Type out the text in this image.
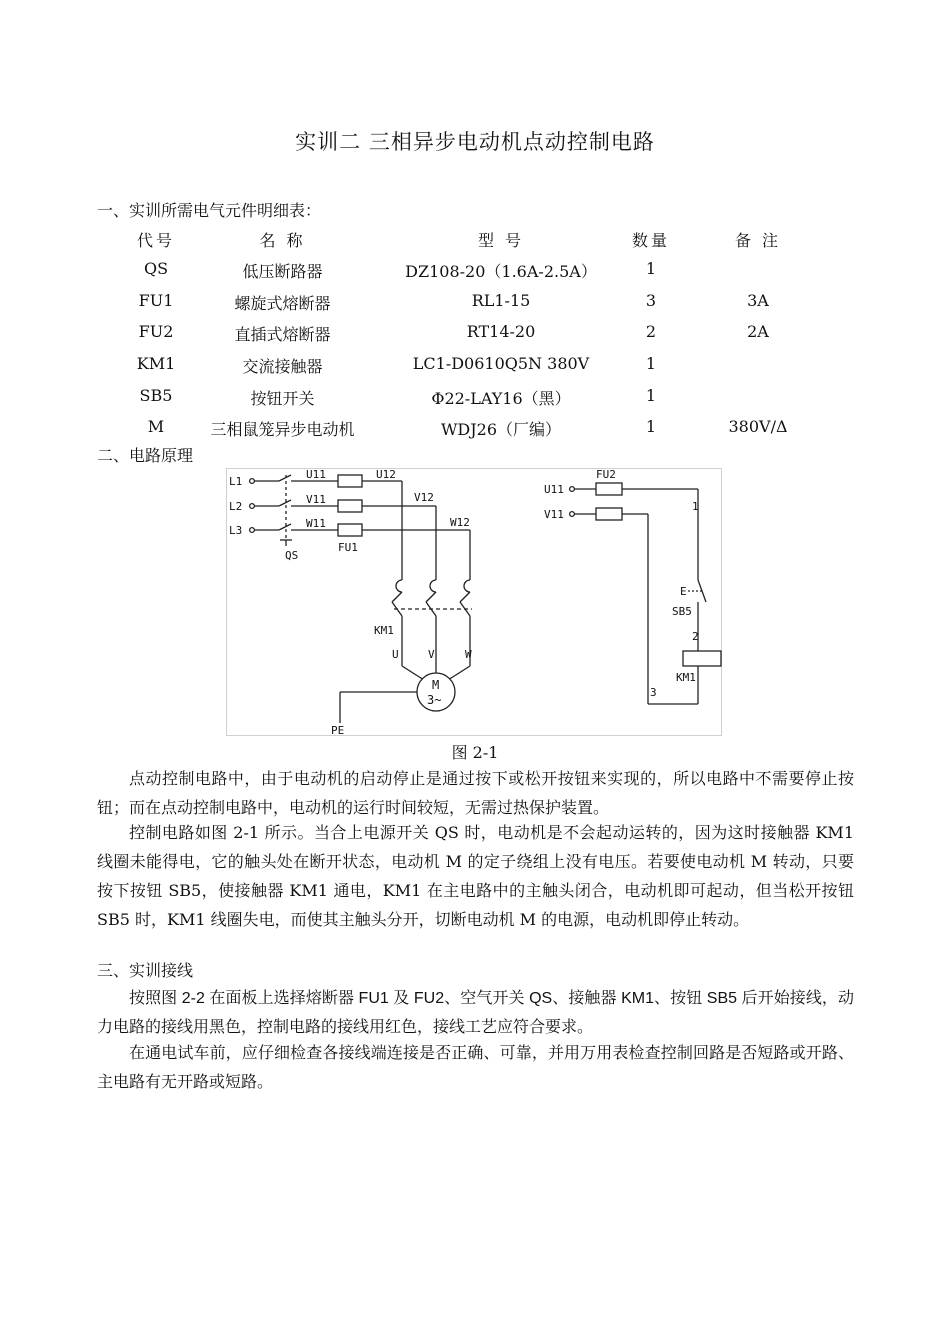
实训二 三相异步电动机点动控制电路
一、实训所需电气元件明细表：
代号	名 称	型 号	数量	备 注
QS	低压断路器	DZ108-20（1.6A-2.5A）	1
FU1	螺旋式熔断器	RL1-15	3	3A
FU2	直插式熔断器	RT14-20	2	2A
KM1	交流接触器	LC1-D0610Q5N 380V	1
SB5	按钮开关	Φ22-LAY16（黑）	1
M	三相鼠笼异步电动机	WDJ26（厂编）	1	380V/Δ
二、电路原理
L1
L2
L3
QS
FU1
U11
V11
W11
U12
V12
W12
KM1
U	V	W
M
3~
PE
FU2
U11
V11
1
E
SB5
2
KM1
3
图 2-1

点动控制电路中，由于电动机的启动停止是通过按下或松开按钮来实现的，所以电路中不需要停止按钮；而在点动控制电路中，电动机的运行时间较短，无需过热保护装置。

控制电路如图 2-1 所示。当合上电源开关 QS 时，电动机是不会起动运转的，因为这时接触器 KM1 线圈未能得电，它的触头处在断开状态，电动机 M 的定子绕组上没有电压。若要使电动机 M 转动，只要按下按钮 SB5，使接触器 KM1 通电，KM1 在主电路中的主触头闭合，电动机即可起动，但当松开按钮 SB5 时，KM1 线圈失电，而使其主触头分开，切断电动机 M 的电源，电动机即停止转动。

三、实训接线

按照图 2-2 在面板上选择熔断器 FU1 及 FU2、空气开关 QS、接触器 KM1、按钮 SB5 后开始接线，动力电路的接线用黑色，控制电路的接线用红色，接线工艺应符合要求。

在通电试车前，应仔细检查各接线端连接是否正确、可靠，并用万用表检查控制回路是否短路或开路、主电路有无开路或短路。
